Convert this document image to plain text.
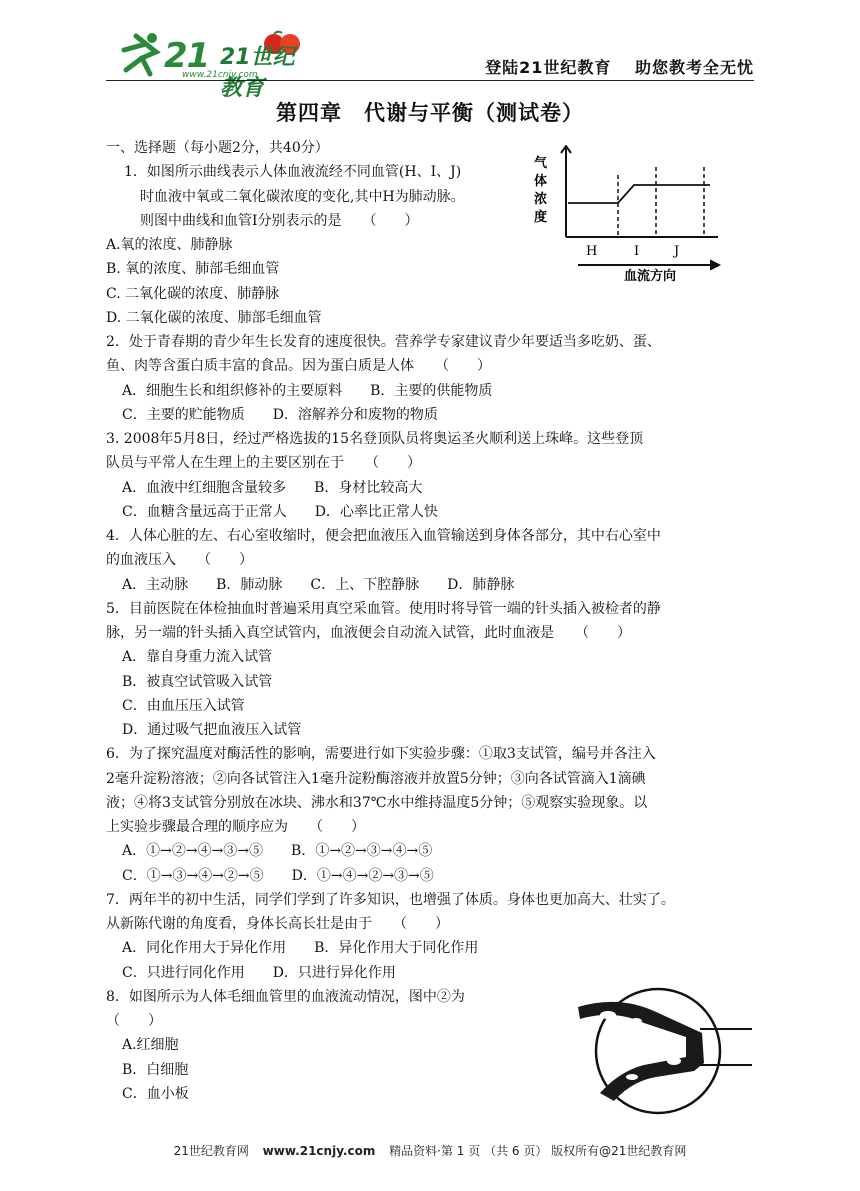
21 21世纪教育
www.21cnjy.com	登陆21世纪教育　 助您教考全无忧
第四章　代谢与平衡（测试卷）
一、选择题（每小题2分，共40分）
1．如图所示曲线表示人体血液流经不同血管(H、I、J)
时血液中氧或二氧化碳浓度的变化,其中H为肺动脉。
则图中曲线和血管I分别表示的是　　（　　）
A.氧的浓度、肺静脉
B. 氧的浓度、肺部毛细血管
C. 二氧化碳的浓度、肺静脉
D. 二氧化碳的浓度、肺部毛细血管
2．处于青春期的青少年生长发育的速度很快。营养学专家建议青少年要适当多吃奶、蛋、
鱼、肉等含蛋白质丰富的食品。因为蛋白质是人体　　（　　）
A．细胞生长和组织修补的主要原料　　B．主要的供能物质
C．主要的贮能物质　　D．溶解养分和废物的物质
3. 2008年5月8日，经过严格选拔的15名登顶队员将奥运圣火顺利送上珠峰。这些登顶
队员与平常人在生理上的主要区别在于　　（　　）
A．血液中红细胞含量较多　　B．身材比较高大
C．血糖含量远高于正常人　　D．心率比正常人快
4．人体心脏的左、右心室收缩时，便会把血液压入血管输送到身体各部分，其中右心室中
的血液压入　　（　　）
A．主动脉　　B．肺动脉　　C．上、下腔静脉　　D．肺静脉
5．目前医院在体检抽血时普遍采用真空采血管。使用时将导管一端的针头插入被检者的静
脉，另一端的针头插入真空试管内，血液便会自动流入试管，此时血液是　　（　　）
A．靠自身重力流入试管
B．被真空试管吸入试管
C．由血压压入试管
D．通过吸气把血液压入试管
6．为了探究温度对酶活性的影响，需要进行如下实验步骤：①取3支试管，编号并各注入
2毫升淀粉溶液；②向各试管注入1毫升淀粉酶溶液并放置5分钟；③向各试管滴入1滴碘
液；④将3支试管分别放在冰块、沸水和37℃水中维持温度5分钟；⑤观察实验现象。以
上实验步骤最合理的顺序应为　　（　　）
A．①→②→④→③→⑤　　B．①→②→③→④→⑤
C．①→③→④→②→⑤　　D．①→④→②→③→⑤
7．两年半的初中生活，同学们学到了许多知识，也增强了体质。身体也更加高大、壮实了。
从新陈代谢的角度看，身体长高长壮是由于　　（　　）
A．同化作用大于异化作用　　B．异化作用大于同化作用
C．只进行同化作用　　D．只进行异化作用
8．如图所示为人体毛细血管里的血液流动情况，图中②为
（　　）
A.红细胞
B．白细胞
C．血小板
气
体
浓
度
H	I	J
血流方向
21世纪教育网 www.21cnjy.com 精品资料·第 1 页 （共 6 页） 版权所有@21世纪教育网
